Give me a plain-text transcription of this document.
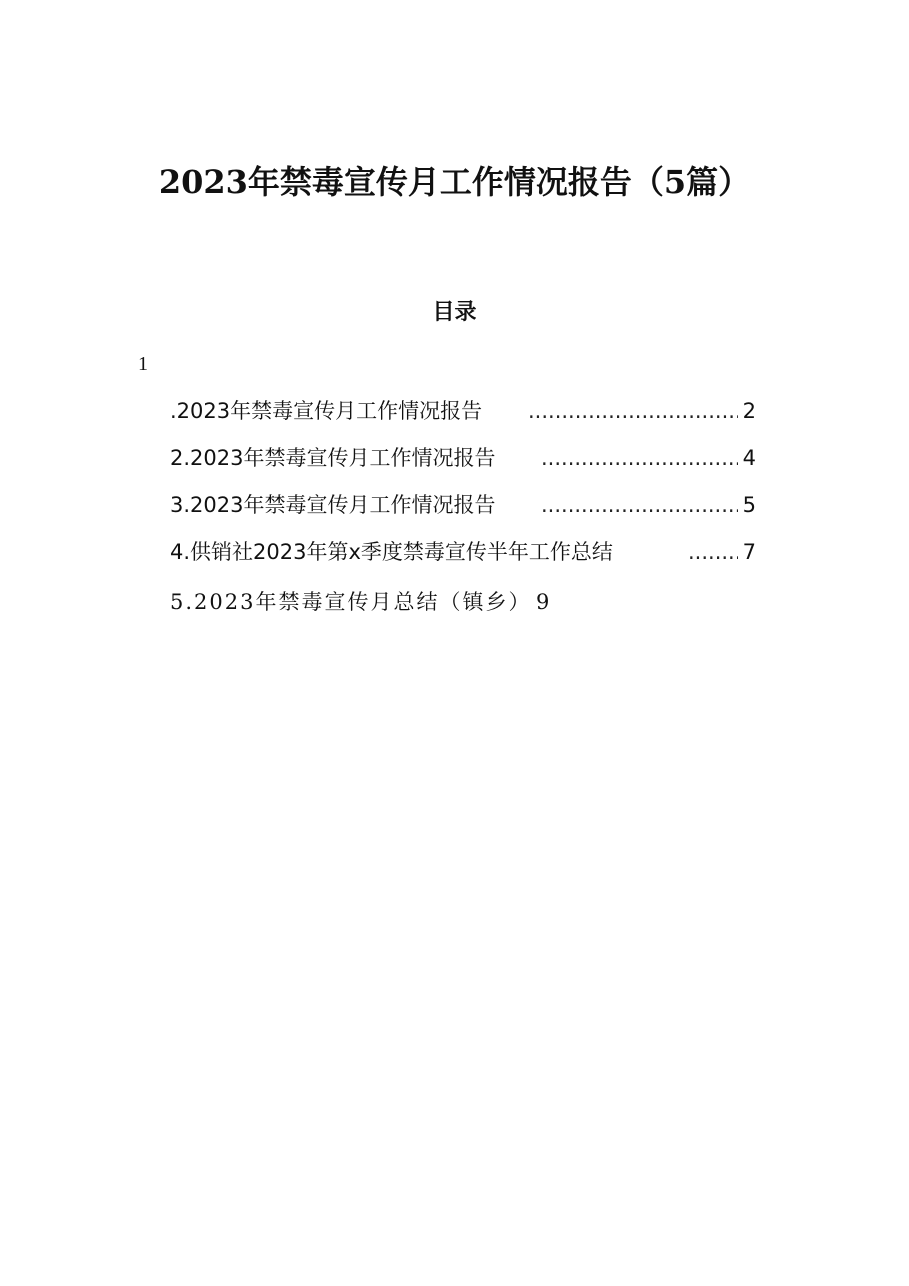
2023年禁毒宣传月工作情况报告（5篇）
目录
1
.2023年禁毒宣传月工作情况报告 .....	2
2.2023年禁毒宣传月工作情况报告 .....	4
3.2023年禁毒宣传月工作情况报告 .....	5
4.供销社2023年第x季度禁毒宣传半年工作总结 .....	7
5.2023年禁毒宣传月总结（镇乡） 9
